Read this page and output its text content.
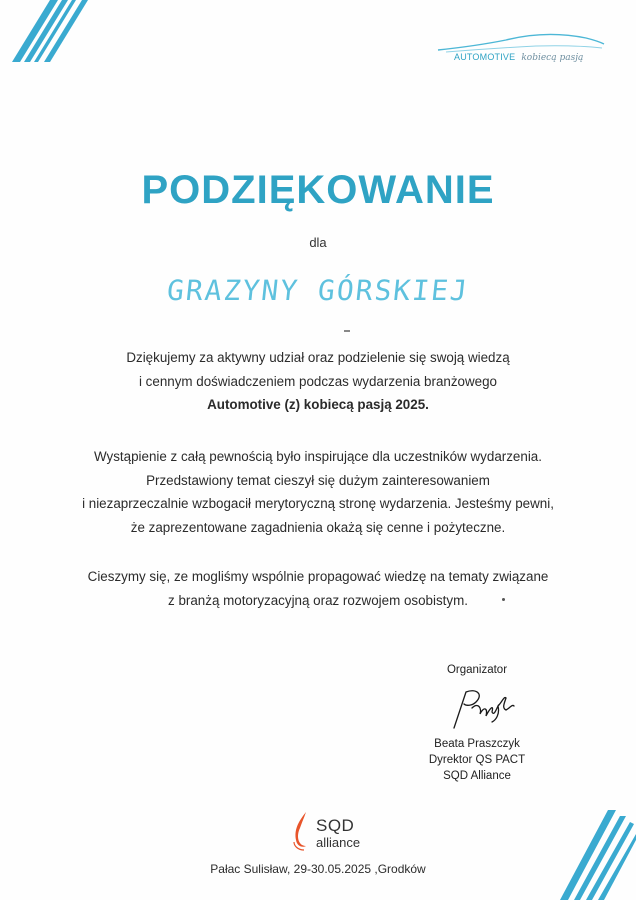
AUTOMOTIVE kobiecą pasją
PODZIĘKOWANIE
dla
GRAZYNY GÓRSKIEJ
Dziękujemy za aktywny udział oraz podzielenie się swoją wiedzą
i cennym doświadczeniem podczas wydarzenia branżowego
Automotive (z) kobiecą pasją 2025.
Wystąpienie z całą pewnością było inspirujące dla uczestników wydarzenia.
Przedstawiony temat cieszył się dużym zainteresowaniem
i niezaprzeczalnie wzbogacił merytoryczną stronę wydarzenia. Jesteśmy pewni,
że zaprezentowane zagadnienia okażą się cenne i pożyteczne.
Cieszymy się, ze mogliśmy wspólnie propagować wiedzę na tematy związane
z branżą motoryzacyjną oraz rozwojem osobistym.
Organizator
Beata Praszczyk
Dyrektor QS PACT
SQD Alliance
SQD
alliance
Pałac Sulisław, 29-30.05.2025 ,Grodków
